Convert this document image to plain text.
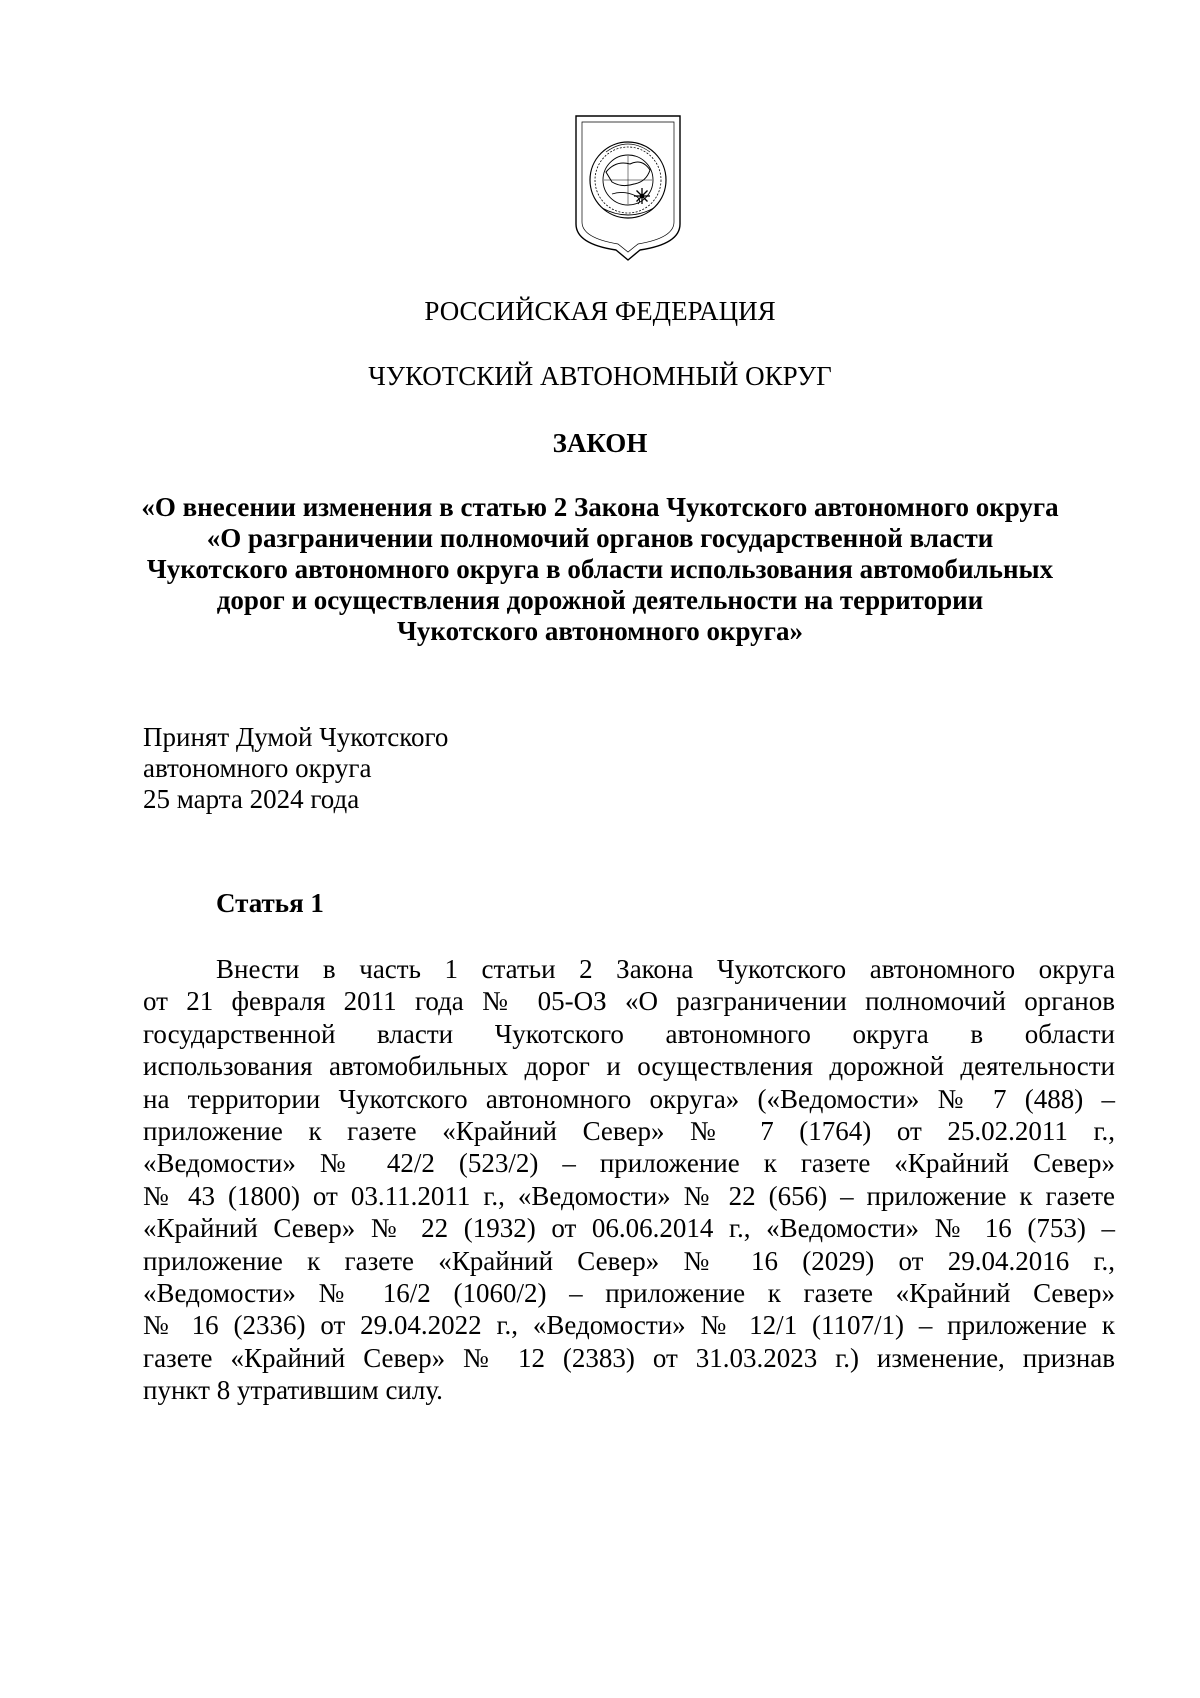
РОССИЙСКАЯ ФЕДЕРАЦИЯ

ЧУКОТСКИЙ АВТОНОМНЫЙ ОКРУГ

ЗАКОН

«О внесении изменения в статью 2 Закона Чукотского автономного округа
«О разграничении полномочий органов государственной власти
Чукотского автономного округа в области использования автомобильных
дорог и осуществления дорожной деятельности на территории
Чукотского автономного округа»
Принят Думой Чукотского
автономного округа
25 марта 2024 года

Статья 1

Внести в часть 1 статьи 2 Закона Чукотского автономного округа
от 21 февраля 2011 года № 05-ОЗ «О разграничении полномочий органов
государственной власти Чукотского автономного округа в области
использования автомобильных дорог и осуществления дорожной деятельности
на территории Чукотского автономного округа» («Ведомости» № 7 (488) –
приложение к газете «Крайний Север» № 7 (1764) от 25.02.2011 г.,
«Ведомости» № 42/2 (523/2) – приложение к газете «Крайний Север»
№ 43 (1800) от 03.11.2011 г., «Ведомости» № 22 (656) – приложение к газете
«Крайний Север» № 22 (1932) от 06.06.2014 г., «Ведомости» № 16 (753) –
приложение к газете «Крайний Север» № 16 (2029) от 29.04.2016 г.,
«Ведомости» № 16/2 (1060/2) – приложение к газете «Крайний Север»
№ 16 (2336) от 29.04.2022 г., «Ведомости» № 12/1 (1107/1) – приложение к
газете «Крайний Север» № 12 (2383) от 31.03.2023 г.) изменение, признав
пункт 8 утратившим силу.
